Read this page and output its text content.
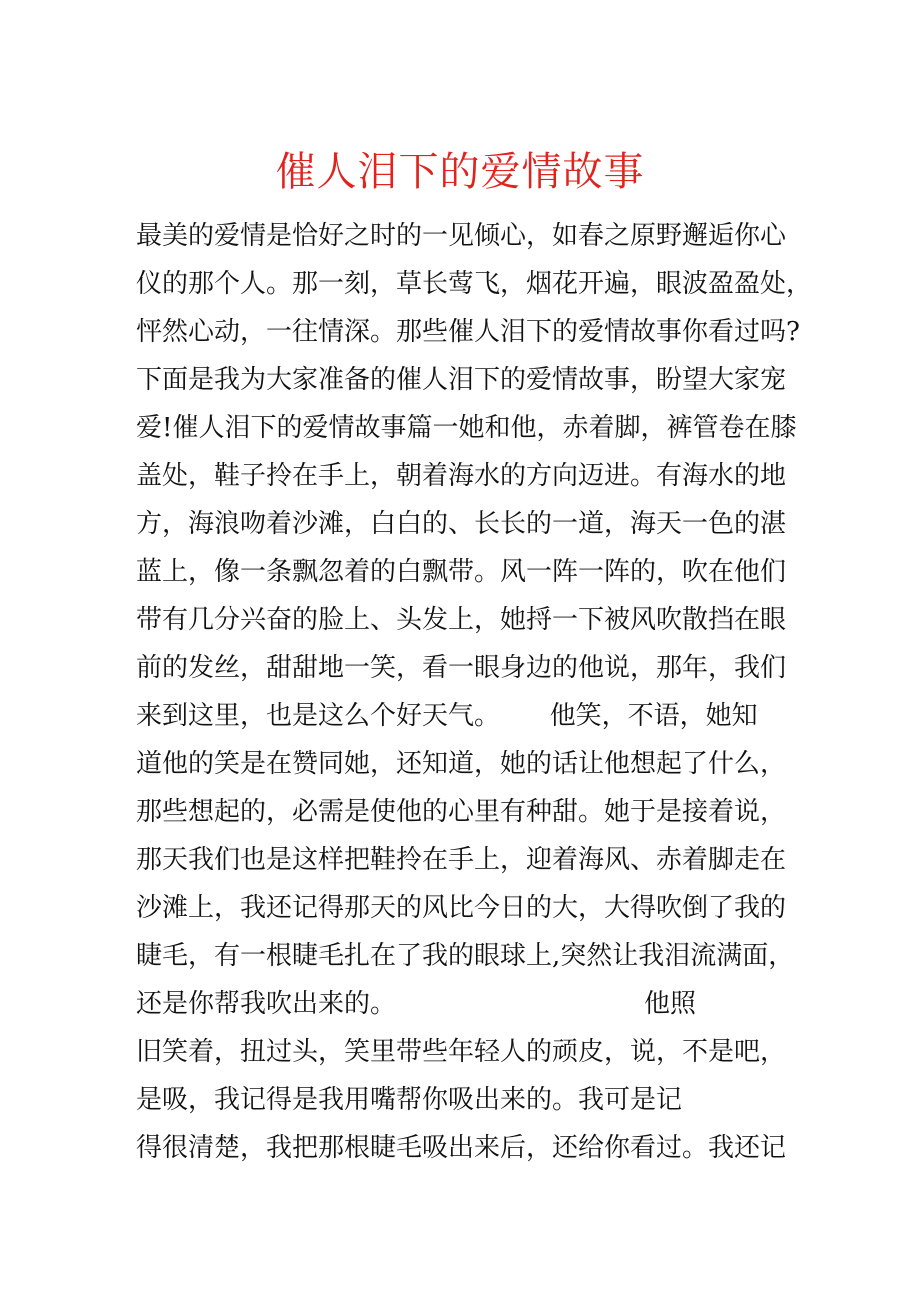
催人泪下的爱情故事
最美的爱情是恰好之时的一见倾心，如春之原野邂逅你心
仪的那个人。那一刻，草长莺飞，烟花开遍，眼波盈盈处，
怦然心动，一往情深。那些催人泪下的爱情故事你看过吗?
下面是我为大家准备的催人泪下的爱情故事，盼望大家宠
爱!催人泪下的爱情故事篇一她和他，赤着脚，裤管卷在膝
盖处，鞋子拎在手上，朝着海水的方向迈进。有海水的地
方，海浪吻着沙滩，白白的、长长的一道，海天一色的湛
蓝上，像一条飘忽着的白飘带。风一阵一阵的，吹在他们
带有几分兴奋的脸上、头发上，她捋一下被风吹散挡在眼
前的发丝，甜甜地一笑，看一眼身边的他说，那年，我们
来到这里，也是这么个好天气。      他笑，不语，她知
道他的笑是在赞同她，还知道，她的话让他想起了什么，
那些想起的，必需是使他的心里有种甜。她于是接着说，
那天我们也是这样把鞋拎在手上，迎着海风、赤着脚走在
沙滩上，我还记得那天的风比今日的大，大得吹倒了我的
睫毛，有一根睫毛扎在了我的眼球上,突然让我泪流满面，
还是你帮我吹出来的。                              他照
旧笑着，扭过头，笑里带些年轻人的顽皮，说，不是吧，
是吸，我记得是我用嘴帮你吸出来的。我可是记
得很清楚，我把那根睫毛吸出来后，还给你看过。我还记
